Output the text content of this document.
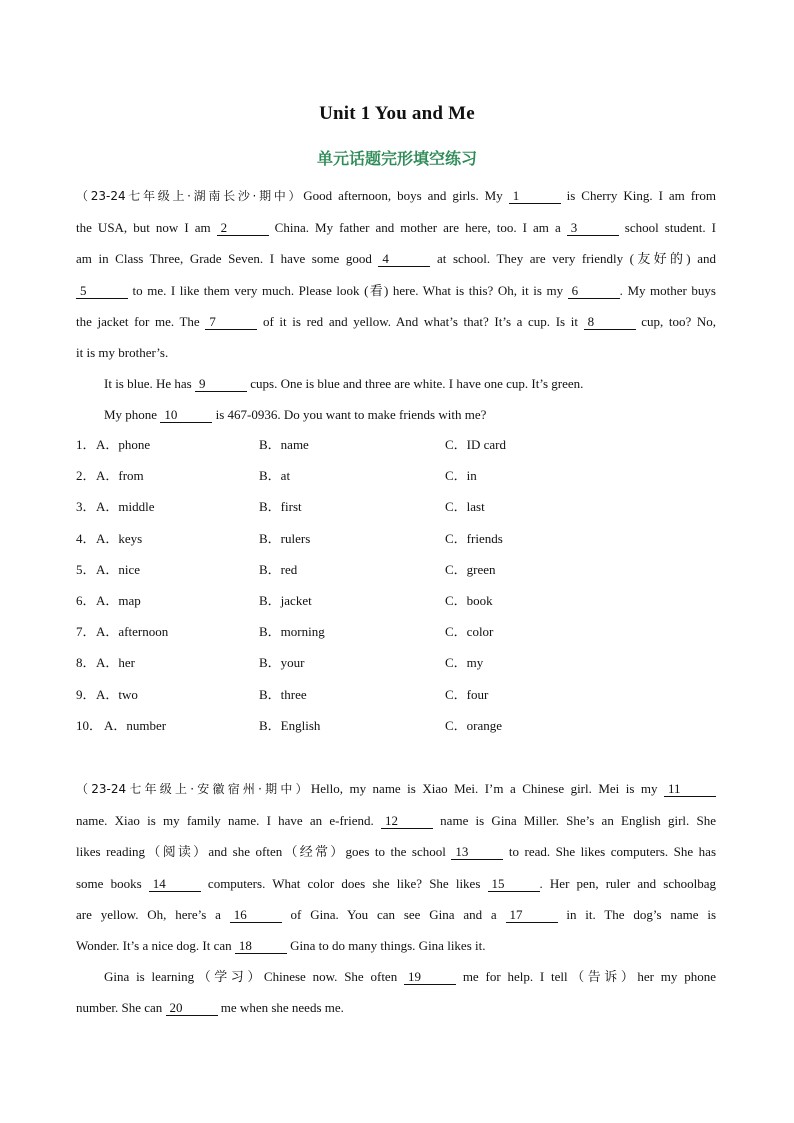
Unit 1 You and Me
单元话题完形填空练习
（23-24七年级上·湖南长沙·期中）Good afternoon, boys and girls. My 1	is Cherry King. I am from
the USA, but now I am 2	China. My father and mother are here, too. I am a 3	school student. I
am in Class Three, Grade Seven. I have some good 4	at school. They are very friendly (友好的) and
5	to me. I like them very much. Please look (看) here. What is this? Oh, it is my 6	. My mother buys
the jacket for me. The 7	of it is red and yellow. And what’s that? It’s a cup. Is it 8	cup, too? No,
it is my brother’s.
It is blue. He has 9	cups. One is blue and three are white. I have one cup. It’s green.
My phone 10	is 467-0936. Do you want to make friends with me?
1． A．phone	B．name	C．ID card
2． A．from	B．at	C．in
3． A．middle	B．first	C．last
4． A．keys	B．rulers	C．friends
5． A．nice	B．red	C．green
6． A．map	B．jacket	C．book
7． A．afternoon	B．morning	C．color
8． A．her	B．your	C．my
9． A．two	B．three	C．four
10． A．number	B．English	C．orange
（23-24七年级上·安徽宿州·期中）Hello, my name is Xiao Mei. I’m a Chinese girl. Mei is my 11
name. Xiao is my family name. I have an e-friend. 12	name is Gina Miller. She’s an English girl. She
likes reading（阅读）and she often（经常）goes to the school 13	to read. She likes computers. She has
some books 14	computers. What color does she like? She likes 15	. Her pen, ruler and schoolbag
are yellow. Oh, here’s a 16	of Gina. You can see Gina and a 17	in it. The dog’s name is
Wonder. It’s a nice dog. It can 18	Gina to do many things. Gina likes it.
Gina is learning（学习）Chinese now. She often 19	me for help. I tell（告诉）her my phone
number. She can 20	me when she needs me.
